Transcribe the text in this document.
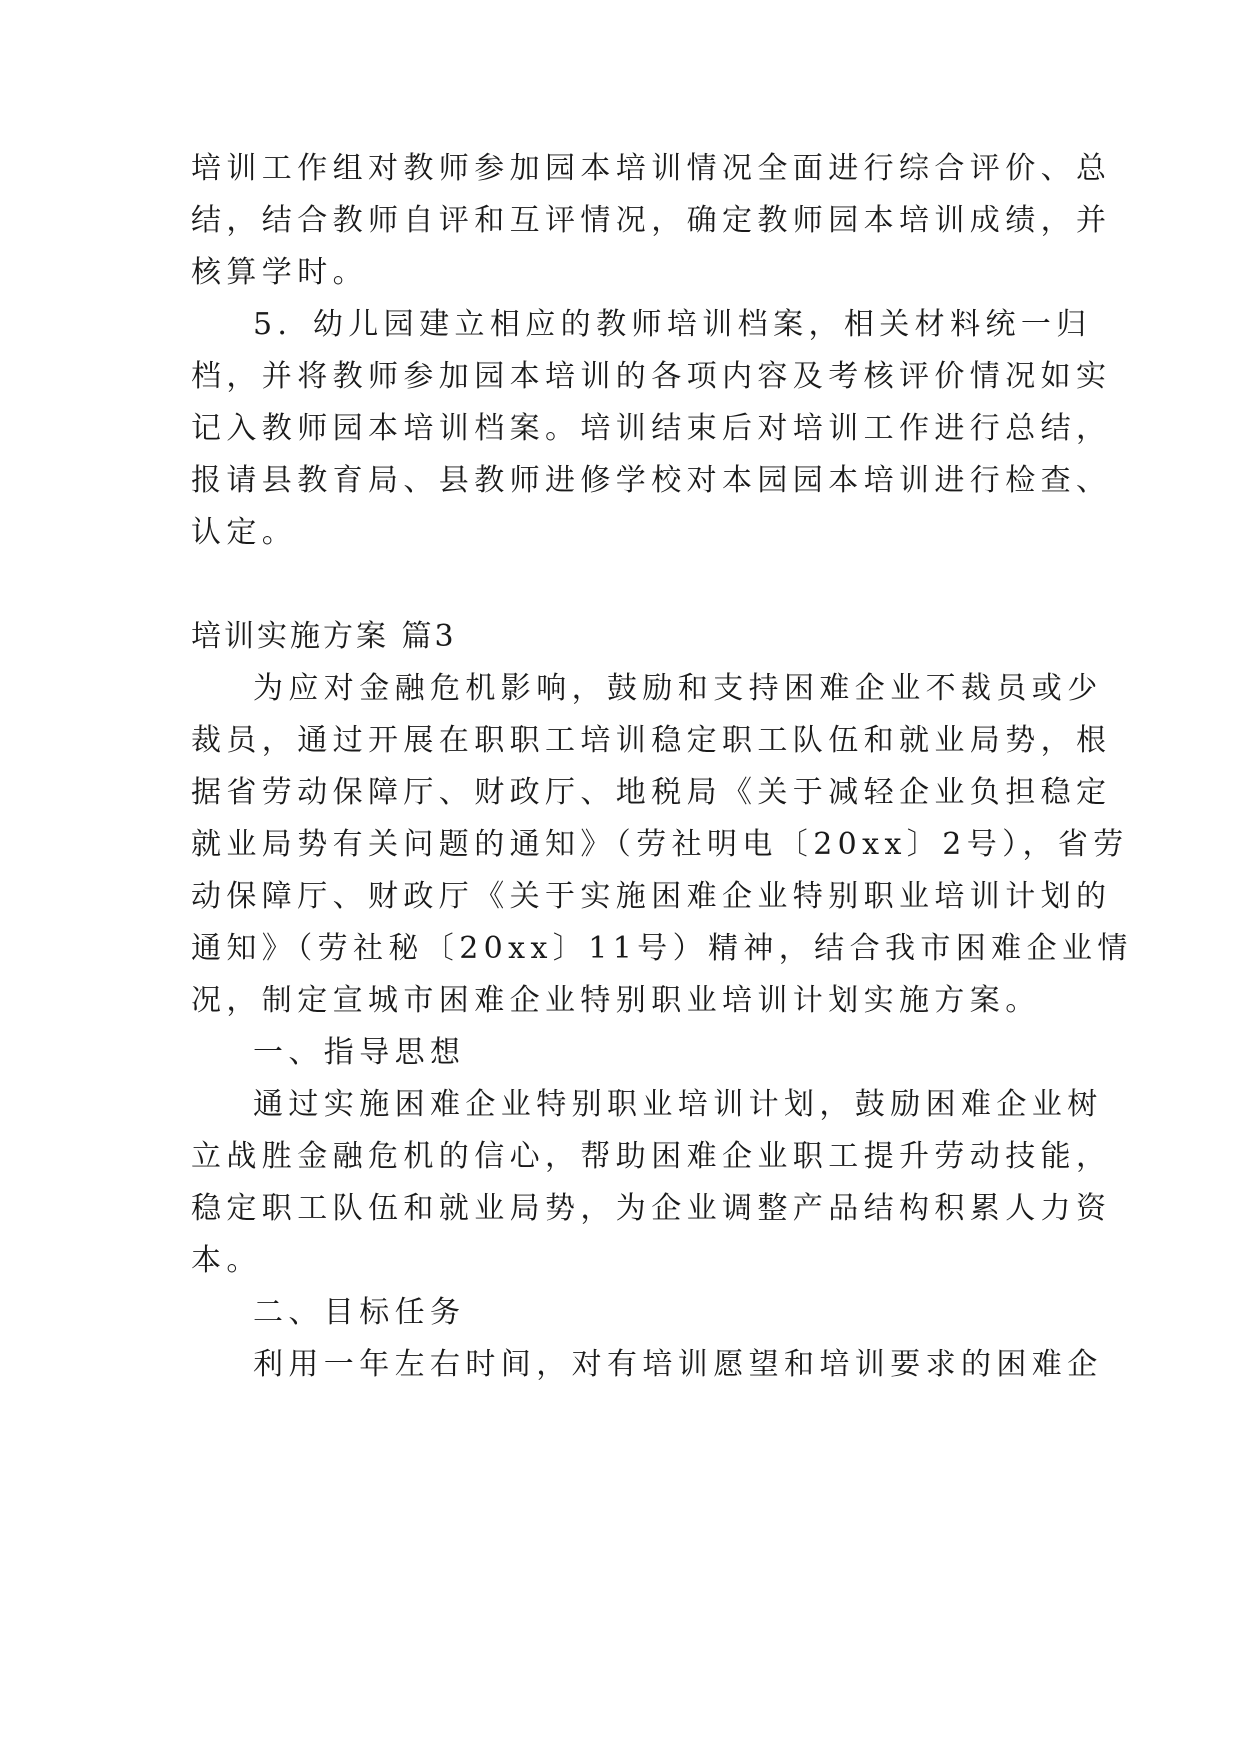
培训工作组对教师参加园本培训情况全面进行综合评价、总

结，结合教师自评和互评情况，确定教师园本培训成绩，并

核算学时。

5．幼儿园建立相应的教师培训档案，相关材料统一归

档，并将教师参加园本培训的各项内容及考核评价情况如实

记入教师园本培训档案。培训结束后对培训工作进行总结，

报请县教育局、县教师进修学校对本园园本培训进行检查、

认定。

培训实施方案 篇3

为应对金融危机影响，鼓励和支持困难企业不裁员或少

裁员，通过开展在职职工培训稳定职工队伍和就业局势，根

据省劳动保障厅、财政厅、地税局《关于减轻企业负担稳定

就业局势有关问题的通知》（劳社明电〔20xx〕2号），省劳

动保障厅、财政厅《关于实施困难企业特别职业培训计划的

通知》（劳社秘〔20xx〕11号）精神，结合我市困难企业情

况，制定宣城市困难企业特别职业培训计划实施方案。

一、指导思想

通过实施困难企业特别职业培训计划，鼓励困难企业树

立战胜金融危机的信心，帮助困难企业职工提升劳动技能，

稳定职工队伍和就业局势，为企业调整产品结构积累人力资

本。

二、目标任务

利用一年左右时间，对有培训愿望和培训要求的困难企
